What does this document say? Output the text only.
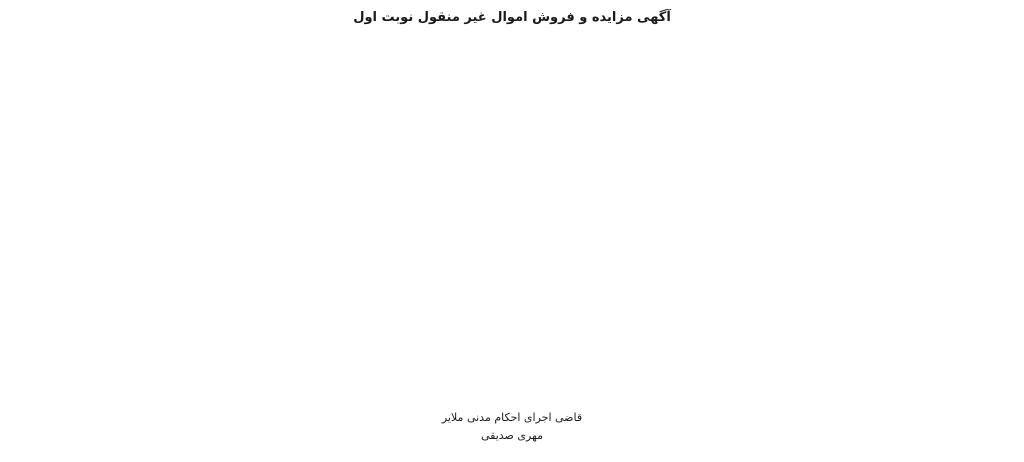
آگهی مزایده و فروش اموال غیر منقول نوبت اول

قاضی اجرای احکام مدنی ملایر
مهری صدیقی
